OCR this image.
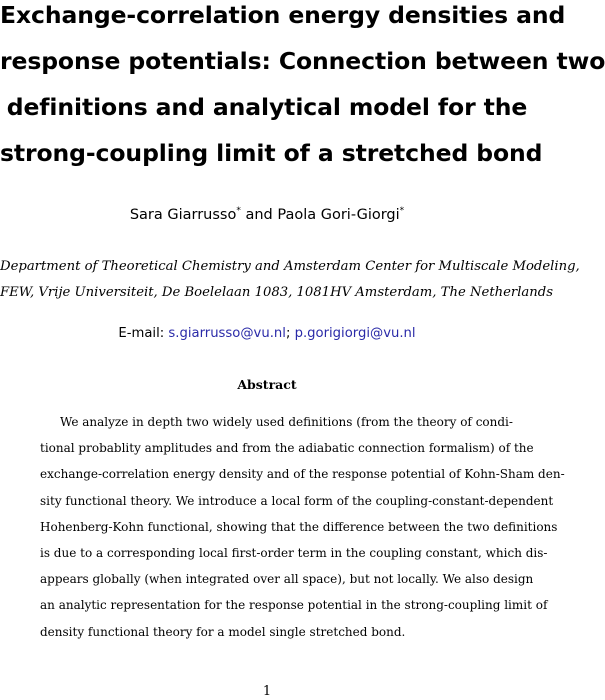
Exchange-correlation energy densities and
response potentials: Connection between two
definitions and analytical model for the
strong-coupling limit of a stretched bond
Sara Giarrusso* and Paola Gori-Giorgi*
Department of Theoretical Chemistry and Amsterdam Center for Multiscale Modeling,
FEW, Vrije Universiteit, De Boelelaan 1083, 1081HV Amsterdam, The Netherlands
E-mail: s.giarrusso@vu.nl; p.gorigiorgi@vu.nl
Abstract
We analyze in depth two widely used definitions (from the theory of condi-
tional probablity amplitudes and from the adiabatic connection formalism) of the
exchange-correlation energy density and of the response potential of Kohn-Sham den-
sity functional theory. We introduce a local form of the coupling-constant-dependent
Hohenberg-Kohn functional, showing that the difference between the two definitions
is due to a corresponding local first-order term in the coupling constant, which dis-
appears globally (when integrated over all space), but not locally. We also design
an analytic representation for the response potential in the strong-coupling limit of
density functional theory for a model single stretched bond.
1
